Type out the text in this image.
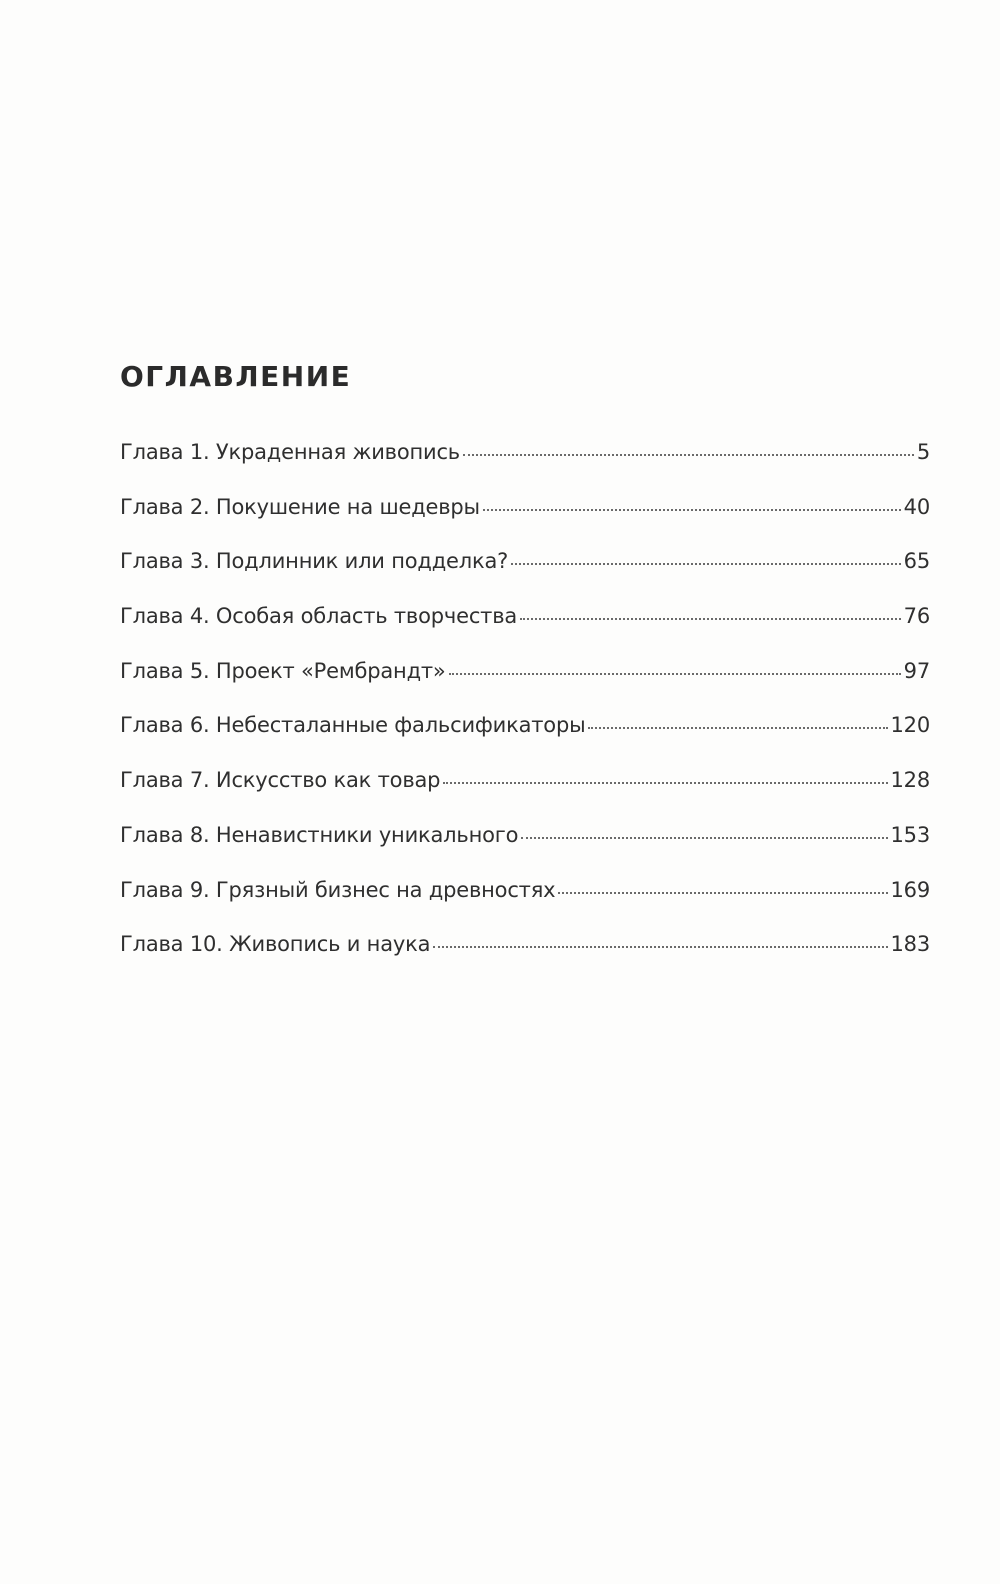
ОГЛАВЛЕНИЕ
Глава 1. Украденная живопись	5
Глава 2. Покушение на шедевры	40
Глава 3. Подлинник или подделка?	65
Глава 4. Особая область творчества	76
Глава 5. Проект «Рембрандт»	97
Глава 6. Небесталанные фальсификаторы	120
Глава 7. Искусство как товар	128
Глава 8. Ненавистники уникального	153
Глава 9. Грязный бизнес на древностях	169
Глава 10. Живопись и наука	183
